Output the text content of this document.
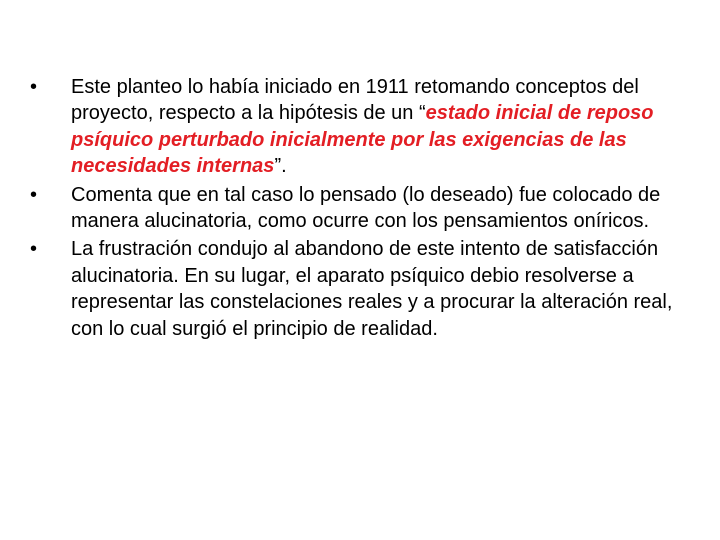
• Este planteo lo había iniciado en 1911 retomando conceptos del proyecto, respecto a la hipótesis de un “estado inicial de reposo psíquico perturbado inicialmente por las exigencias de las necesidades internas”.
• Comenta que en tal caso lo pensado (lo deseado) fue colocado de manera alucinatoria, como ocurre con los pensamientos oníricos.
• La frustración condujo al abandono de este intento de satisfacción alucinatoria. En su lugar, el aparato psíquico debio resolverse a representar las constelaciones reales y a procurar la alteración real, con lo cual surgió el principio de realidad.
